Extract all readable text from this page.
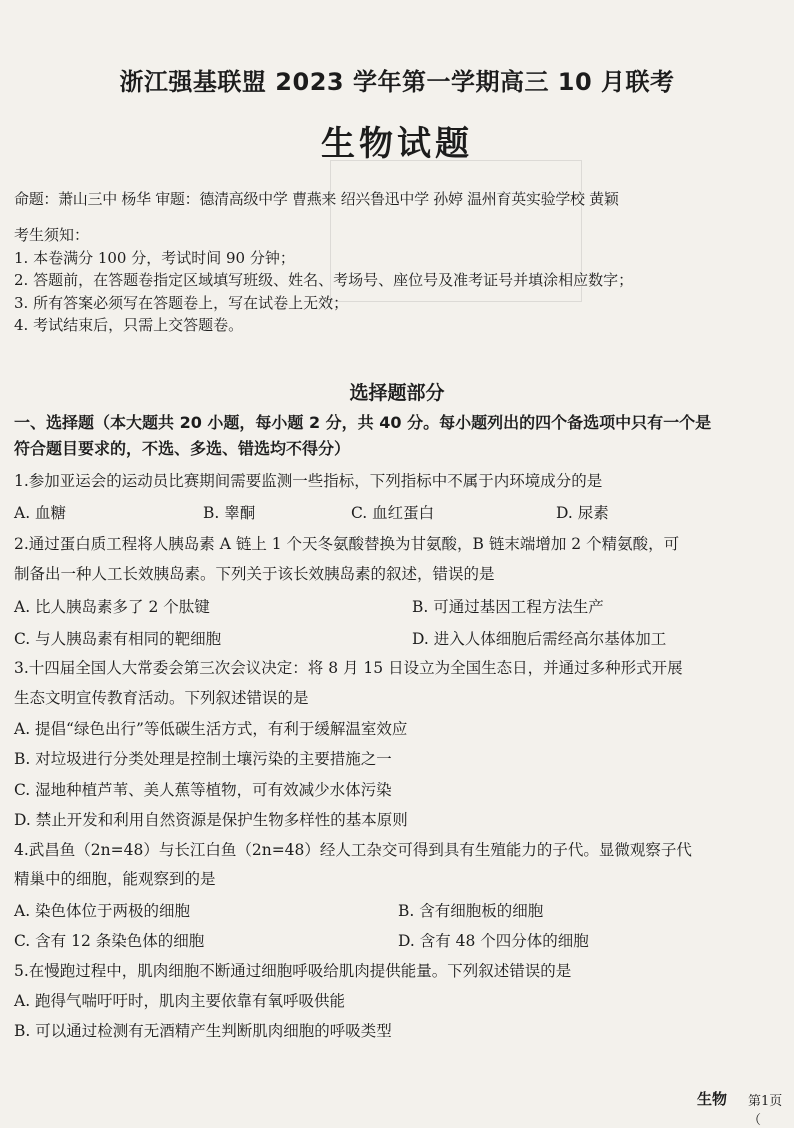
浙江强基联盟 2023 学年第一学期高三 10 月联考
生物试题
命题：萧山三中 杨华 审题：德清高级中学 曹燕来 绍兴鲁迅中学 孙婷 温州育英实验学校 黄颖
考生须知：
1. 本卷满分 100 分，考试时间 90 分钟；
2. 答题前，在答题卷指定区域填写班级、姓名、考场号、座位号及准考证号并填涂相应数字；
3. 所有答案必须写在答题卷上，写在试卷上无效；
4. 考试结束后，只需上交答题卷。
选择题部分
一、选择题（本大题共 20 小题，每小题 2 分，共 40 分。每小题列出的四个备选项中只有一个是
符合题目要求的，不选、多选、错选均不得分）
1.参加亚运会的运动员比赛期间需要监测一些指标，下列指标中不属于内环境成分的是
A. 血糖	B. 睾酮	C. 血红蛋白	D. 尿素
2.通过蛋白质工程将人胰岛素 A 链上 1 个天冬氨酸替换为甘氨酸，B 链末端增加 2 个精氨酸，可
制备出一种人工长效胰岛素。下列关于该长效胰岛素的叙述，错误的是
A. 比人胰岛素多了 2 个肽键	B. 可通过基因工程方法生产
C. 与人胰岛素有相同的靶细胞	D. 进入人体细胞后需经高尔基体加工
3.十四届全国人大常委会第三次会议决定：将 8 月 15 日设立为全国生态日，并通过多种形式开展
生态文明宣传教育活动。下列叙述错误的是
A. 提倡“绿色出行”等低碳生活方式，有利于缓解温室效应
B. 对垃圾进行分类处理是控制土壤污染的主要措施之一
C. 湿地种植芦苇、美人蕉等植物，可有效减少水体污染
D. 禁止开发和利用自然资源是保护生物多样性的基本原则
4.武昌鱼（2n=48）与长江白鱼（2n=48）经人工杂交可得到具有生殖能力的子代。显微观察子代
精巢中的细胞，能观察到的是
A. 染色体位于两极的细胞	B. 含有细胞板的细胞
C. 含有 12 条染色体的细胞	D. 含有 48 个四分体的细胞
5.在慢跑过程中，肌肉细胞不断通过细胞呼吸给肌肉提供能量。下列叙述错误的是
A. 跑得气喘吁吁时，肌肉主要依靠有氧呼吸供能
B. 可以通过检测有无酒精产生判断肌肉细胞的呼吸类型
生物 第1页（
